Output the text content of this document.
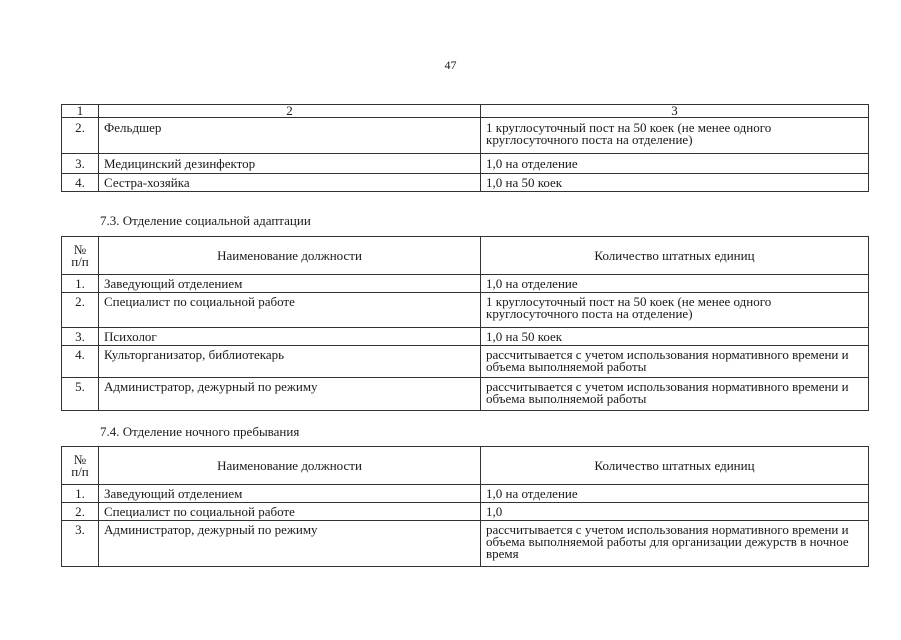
47
1	2	3
2.	Фельдшер	1 круглосуточный пост на 50 коек (не менее одного круглосуточного поста на отделение)
3.	Медицинский дезинфектор	1,0 на отделение
4.	Сестра-хозяйка	1,0 на 50 коек
7.3. Отделение социальной адаптации
№ п/п	Наименование должности	Количество штатных единиц
1.	Заведующий отделением	1,0 на отделение
2.	Специалист по социальной работе	1 круглосуточный пост на 50 коек (не менее одного круглосуточного поста на отделение)
3.	Психолог	1,0 на 50 коек
4.	Культорганизатор, библиотекарь	рассчитывается с учетом использования нормативного времени и объема выполняемой работы
5.	Администратор, дежурный по режиму	рассчитывается с учетом использования нормативного времени и объема выполняемой работы
7.4. Отделение ночного пребывания
№ п/п	Наименование должности	Количество штатных единиц
1.	Заведующий отделением	1,0 на отделение
2.	Специалист по социальной работе	1,0
3.	Администратор, дежурный по режиму	рассчитывается с учетом использования нормативного времени и объема выполняемой работы для организации дежурств в ночное время
